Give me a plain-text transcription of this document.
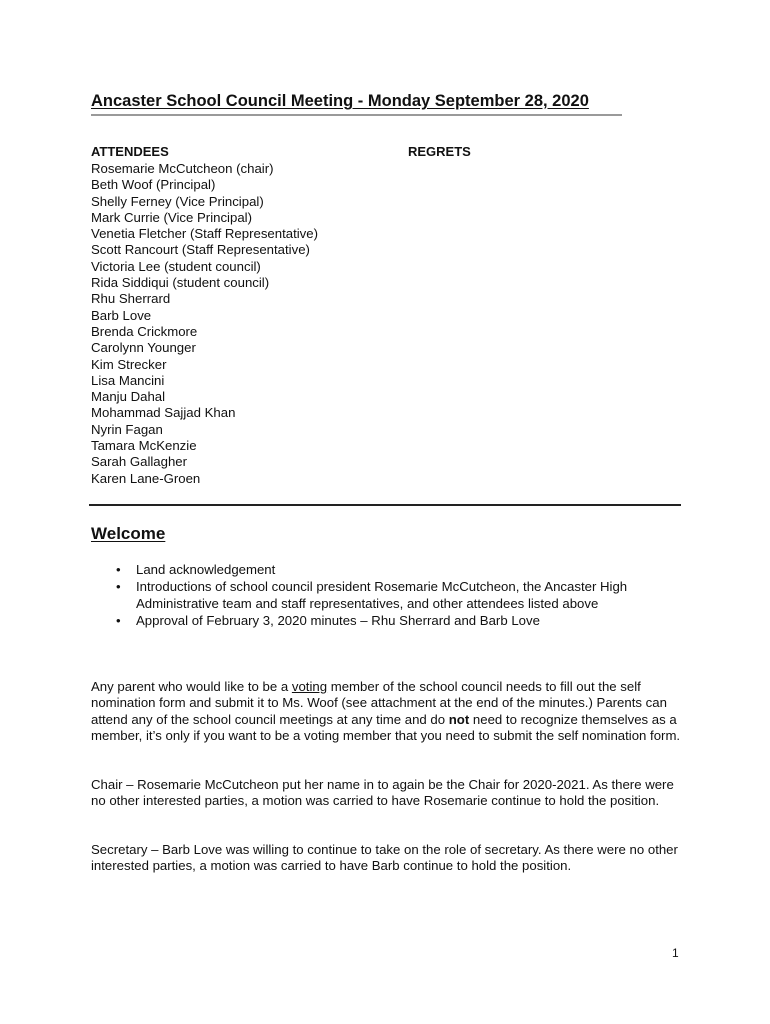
Ancaster School Council Meeting - Monday September 28, 2020
ATTENDEES	REGRETS
Rosemarie McCutcheon (chair)
Beth Woof (Principal)
Shelly Ferney (Vice Principal)
Mark Currie (Vice Principal)
Venetia Fletcher (Staff Representative)
Scott Rancourt (Staff Representative)
Victoria Lee (student council)
Rida Siddiqui (student council)
Rhu Sherrard
Barb Love
Brenda Crickmore
Carolynn Younger
Kim Strecker
Lisa Mancini
Manju Dahal
Mohammad Sajjad Khan
Nyrin Fagan
Tamara McKenzie
Sarah Gallagher
Karen Lane-Groen
Welcome
• Land acknowledgement
• Introductions of school council president Rosemarie McCutcheon, the Ancaster High Administrative team and staff representatives, and other attendees listed above
• Approval of February 3, 2020 minutes – Rhu Sherrard and Barb Love

Any parent who would like to be a voting member of the school council needs to fill out the self nomination form and submit it to Ms. Woof (see attachment at the end of the minutes.) Parents can attend any of the school council meetings at any time and do not need to recognize themselves as a member, it’s only if you want to be a voting member that you need to submit the self nomination form.

Chair – Rosemarie McCutcheon put her name in to again be the Chair for 2020-2021. As there were no other interested parties, a motion was carried to have Rosemarie continue to hold the position.

Secretary – Barb Love was willing to continue to take on the role of secretary. As there were no other interested parties, a motion was carried to have Barb continue to hold the position.

1
